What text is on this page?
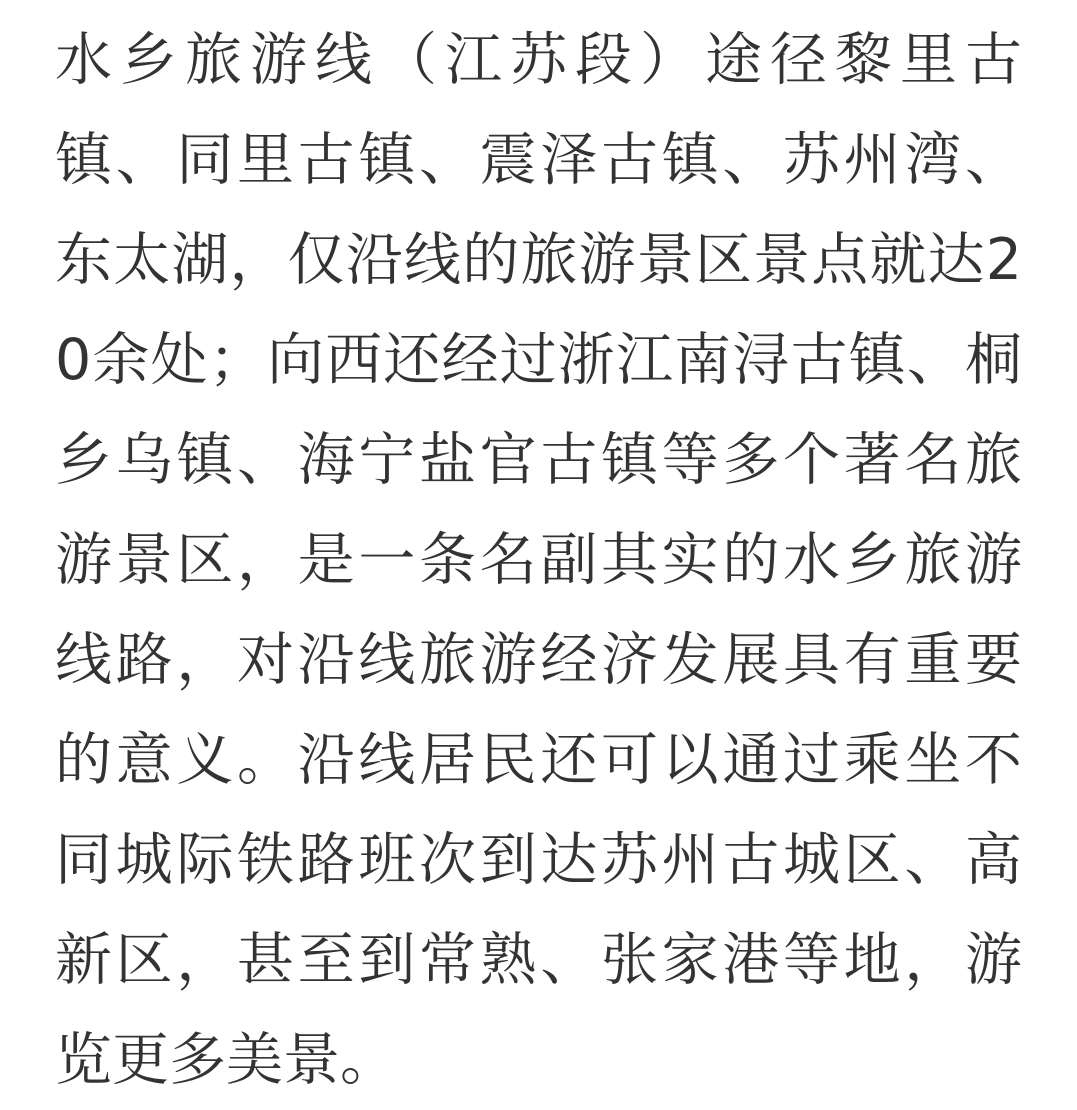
水乡旅游线（江苏段）途径黎里古镇、同里古镇、震泽古镇、苏州湾、东太湖，仅沿线的旅游景区景点就达20余处；向西还经过浙江南浔古镇、桐乡乌镇、海宁盐官古镇等多个著名旅游景区，是一条名副其实的水乡旅游线路，对沿线旅游经济发展具有重要的意义。沿线居民还可以通过乘坐不同城际铁路班次到达苏州古城区、高新区，甚至到常熟、张家港等地，游览更多美景。
